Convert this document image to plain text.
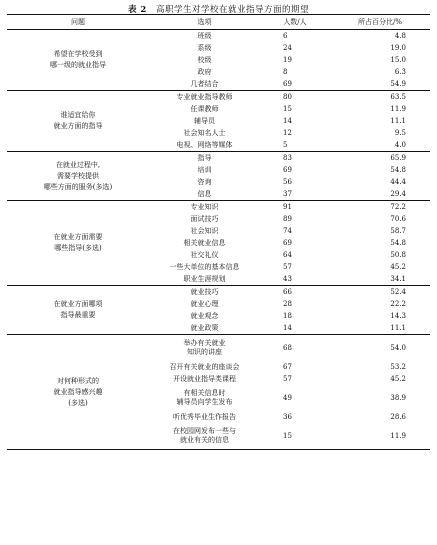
表 2 高职学生对学校在就业指导方面的期望
问题	选项	人数/人	所占百分比/%
希望在学校受到
哪一级的就业指导	班级	6	4.8
	系级	24	19.0
	校级	19	15.0
	政府	8	6.3
	几者结合	69	54.9
谁适宜给你
就业方面的指导	专业就业指导教师	80	63.5
	任课教师	15	11.9
	辅导员	14	11.1
	社会知名人士	12	9.5
	电视、网络等媒体	5	4.0
在就业过程中,
需要学校提供
哪些方面的服务(多选)	指导	83	65.9
	培训	69	54.8
	咨询	56	44.4
	信息	37	29.4
在就业方面需要
哪些指导(多选)	专业知识	91	72.2
	面试技巧	89	70.6
	社会知识	74	58.7
	相关就业信息	69	54.8
	社交礼仪	64	50.8
	一些大单位的基本信息	57	45.2
	职业生涯规划	43	34.1
在就业方面哪项
指导最重要	就业技巧	66	52.4
	就业心理	28	22.2
	就业观念	18	14.3
	就业政策	14	11.1
对何种形式的
就业指导感兴趣
(多选)	举办有关就业
知识的讲座	68	54.0
	召开有关就业的座谈会	67	53.2
	开设就业指导类课程	57	45.2
	有相关信息时
辅导员向学生发布	49	38.9
	听优秀毕业生作报告	36	28.6
	在校园网发布一些与
就业有关的信息	15	11.9
